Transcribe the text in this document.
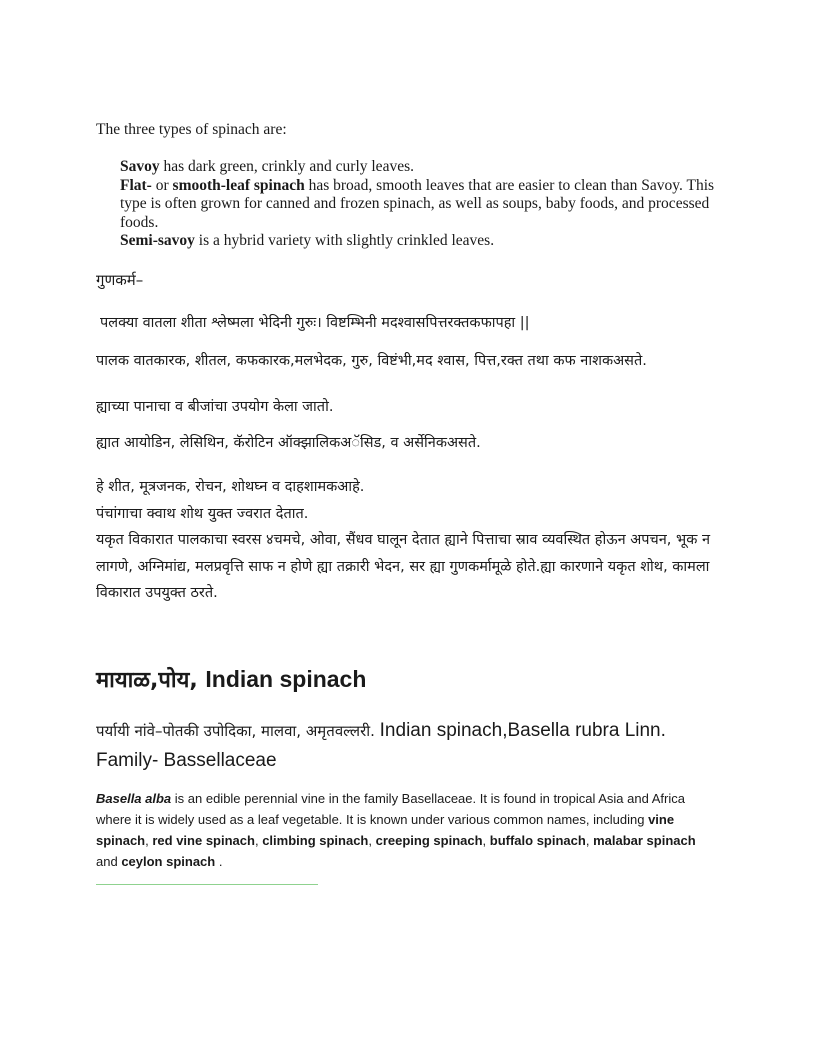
The three types of spinach are:

Savoy has dark green, crinkly and curly leaves.

Flat- or smooth-leaf spinach has broad, smooth leaves that are easier to clean than Savoy. This type is often grown for canned and frozen spinach, as well as soups, baby foods, and processed foods.

Semi-savoy is a hybrid variety with slightly crinkled leaves.

गुणकर्म–
पलक्या वातला शीता श्लेष्मला भेदिनी गुरुः। विष्टम्भिनी मदश्वासपित्तरक्तकफापहा ||
पालक वातकारक, शीतल, कफकारक,मलभेदक, गुरु, विष्टंभी,मद श्वास, पित्त,रक्त तथा कफ नाशकअसते.
ह्याच्या पानाचा व बीजांचा उपयोग केला जातो.
ह्यात आयोडिन, लेसिथिन, कॅरोटिन ऑक्झालिकअॅसिड, व अर्सेनिकअसते.

हे शीत, मूत्रजनक, रोचन, शोथघ्न व दाहशामकआहे.

पंचांगाचा क्वाथ शोथ युक्त ज्वरात देतात.

यकृत विकारात पालकाचा स्वरस ४चमचे, ओवा, सैंधव घालून देतात ह्याने पित्ताचा स्राव व्यवस्थित होऊन अपचन, भूक न लागणे, अग्निमांद्य, मलप्रवृत्ति साफ न होणे ह्या तक्रारी भेदन, सर ह्या गुणकर्मामूळे होते.ह्या कारणाने यकृत शोथ, कामला विकारात उपयुक्त ठरते.

मायाळ,पोय, Indian spinach
पर्यायी नांवे–पोतकी उपोदिका, मालवा, अमृतवल्लरी. Indian spinach,Basella rubra Linn. Family- Bassellaceae
Basella alba is an edible perennial vine in the family Basellaceae. It is found in tropical Asia and Africa where it is widely used as a leaf vegetable. It is known under various common names, including vine spinach, red vine spinach, climbing spinach, creeping spinach, buffalo spinach, malabar spinach and ceylon spinach .
